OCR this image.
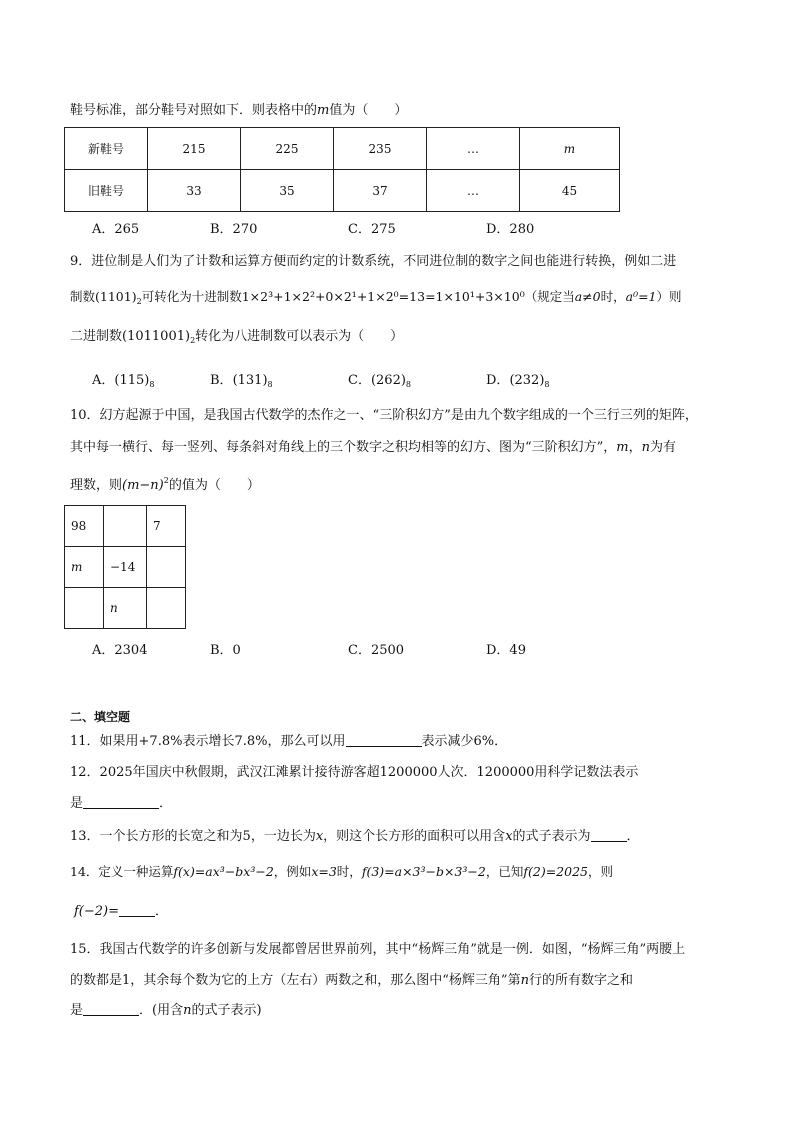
鞋号标准，部分鞋号对照如下．则表格中的m值为（　　）
新鞋号	215	225	235	…	m
旧鞋号	33	35	37	…	45
A．265	B．270	C．275	D．280
9．进位制是人们为了计数和运算方便而约定的计数系统，不同进位制的数字之间也能进行转换，例如二进
制数$(1101)_2$可转化为十进制数1×2³+1×2²+0×2¹+1×2⁰=13=1×10¹+3×10⁰（规定当a≠0时，a⁰=1）则
二进制数$(1011001)_2$转化为八进制数可以表示为（　　）
A．$(115)_8$	B．$(131)_8$	C．$(262)_8$	D．$(232)_8$
10．幻方起源于中国，是我国古代数学的杰作之一、“三阶积幻方”是由九个数字组成的一个三行三列的矩阵，
其中每一横行、每一竖列、每条斜对角线上的三个数字之积均相等的幻方、图为“三阶积幻方”，m，n为有
理数，则$(m-n)^2$的值为（　　）
98		7
m	−14	
	n	
A．2304	B．0	C．2500	D．49
二、填空题
11．如果用+7.8%表示增长7.8%，那么可以用	表示减少6%．
12．2025年国庆中秋假期，武汉江滩累计接待游客超1200000人次．1200000用科学记数法表示
是	．
13．一个长方形的长宽之和为5，一边长为x，则这个长方形的面积可以用含x的式子表示为	．
14．定义一种运算f(x)=ax³−bx³−2，例如x=3时，f(3)=a×3³−b×3³−2，已知f(2)=2025，则
f(−2)=	．
15．我国古代数学的许多创新与发展都曾居世界前列，其中“杨辉三角”就是一例．如图，“杨辉三角”两腰上
的数都是1，其余每个数为它的上方（左右）两数之和，那么图中“杨辉三角”第n行的所有数字之和
是	．(用含n的式子表示)
